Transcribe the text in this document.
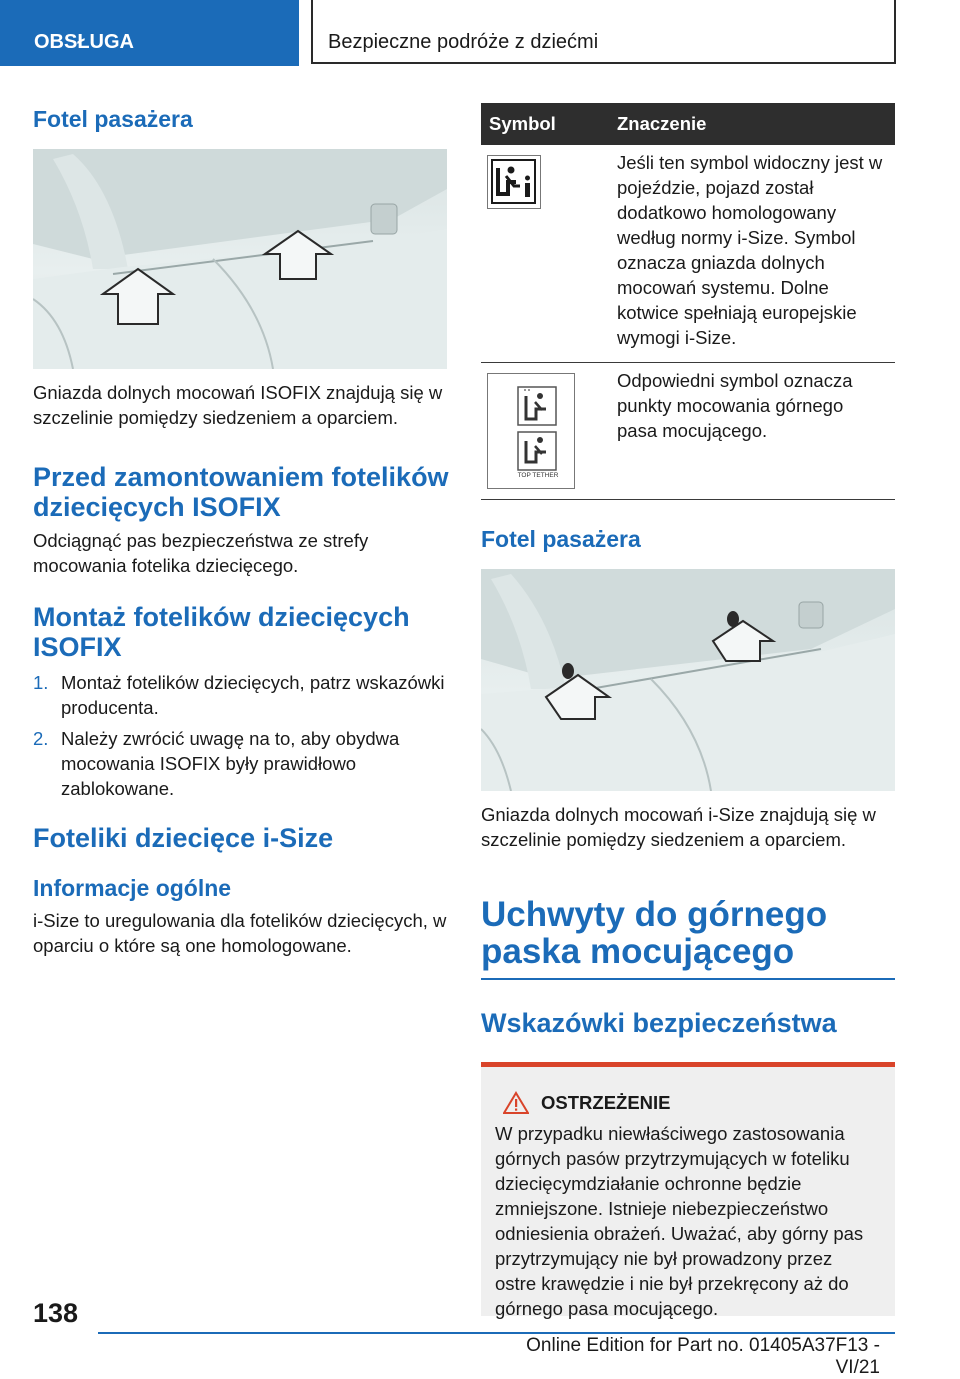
OBSŁUGA	Bezpieczne podróże z dziećmi
Fotel pasażera

Gniazda dolnych mocowań ISOFIX znajdują się w szczelinie pomiędzy siedzeniem a oparciem.

Przed zamontowaniem fotelików dziecięcych ISOFIX

Odciągnąć pas bezpieczeństwa ze strefy mocowania fotelika dziecięcego.

Montaż fotelików dziecięcych ISOFIX
1. Montaż fotelików dziecięcych, patrz wskazówki producenta.
2. Należy zwrócić uwagę na to, aby obydwa mocowania ISOFIX były prawidłowo zablokowane.
Foteliki dziecięce i-Size
Informacje ogólne

i-Size to uregulowania dla fotelików dziecięcych, w oparciu o które są one homologowane.

Symbol	Znaczenie

	Jeśli ten symbol widoczny jest w pojeździe, pojazd został dodatkowo homologowany według normy i-Size. Symbol oznacza gniazda dolnych mocowań systemu. Dolne kotwice spełniają europejskie wymogi i-Size.

TOP TETHER	Odpowiedni symbol oznacza punkty mocowania górnego pasa mocującego.
Fotel pasażera

Gniazda dolnych mocowań i-Size znajdują się w szczelinie pomiędzy siedzeniem a oparciem.

Uchwyty do górnego paska mocującego
Wskazówki bezpieczeństwa
OSTRZEŻENIE

W przypadku niewłaściwego zastosowania górnych pasów przytrzymujących w foteliku dziecięcymdziałanie ochronne będzie zmniejszone. Istnieje niebezpieczeństwo odniesienia obrażeń. Uważać, aby górny pas przytrzymujący nie był prowadzony przez ostre krawędzie i nie był przekręcony aż do górnego pasa mocującego.

138
Online Edition for Part no. 01405A37F13 - VI/21
